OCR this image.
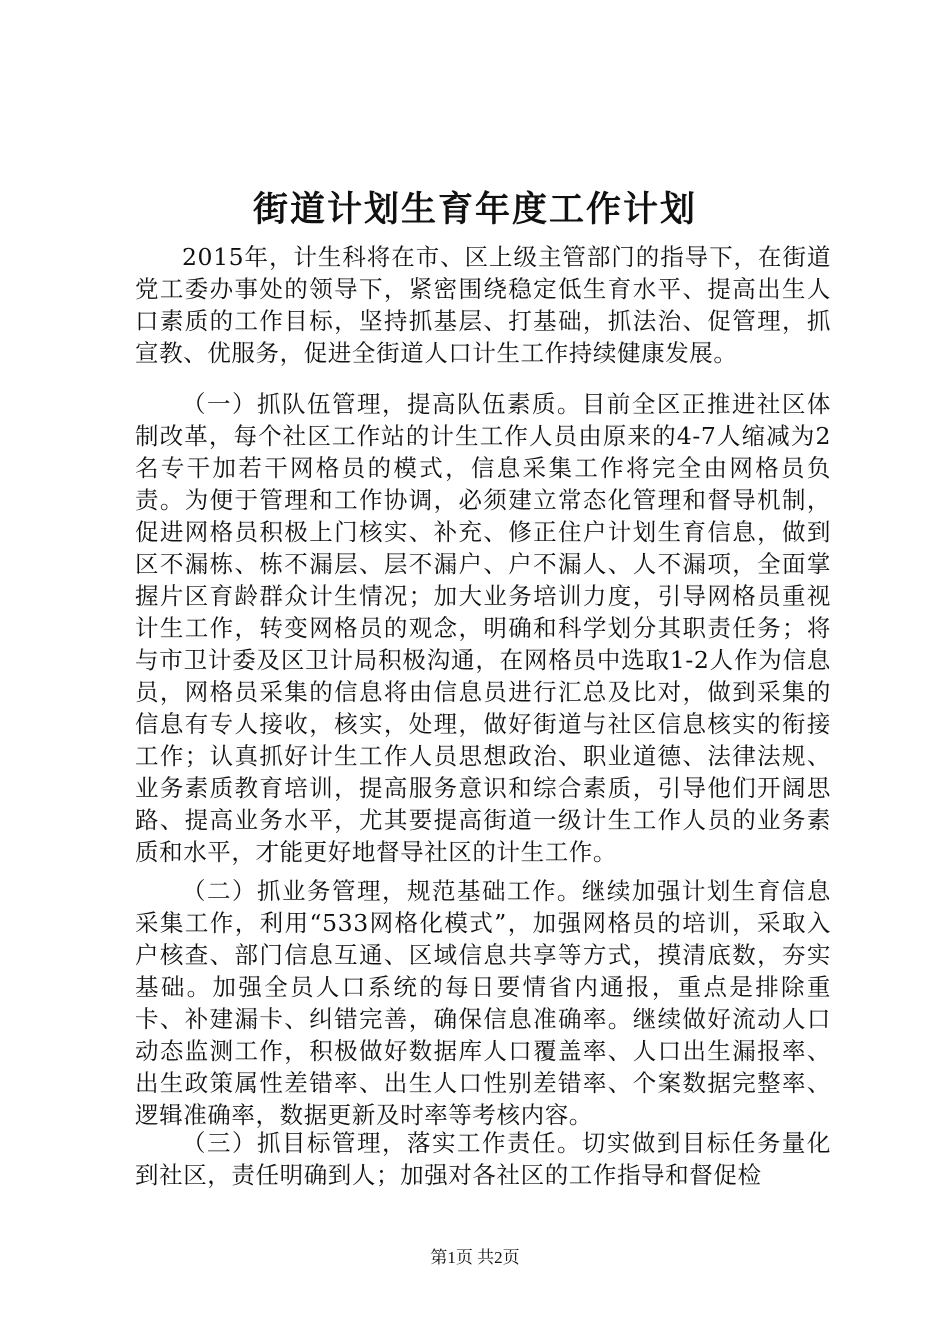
街道计划生育年度工作计划

2015年，计生科将在市、区上级主管部门的指导下，在街道党工委办事处的领导下，紧密围绕稳定低生育水平、提高出生人口素质的工作目标，坚持抓基层、打基础，抓法治、促管理，抓宣教、优服务，促进全街道人口计生工作持续健康发展。

（一）抓队伍管理，提高队伍素质。目前全区正推进社区体制改革，每个社区工作站的计生工作人员由原来的4-7人缩减为2名专干加若干网格员的模式，信息采集工作将完全由网格员负责。为便于管理和工作协调，必须建立常态化管理和督导机制，促进网格员积极上门核实、补充、修正住户计划生育信息，做到区不漏栋、栋不漏层、层不漏户、户不漏人、人不漏项，全面掌握片区育龄群众计生情况；加大业务培训力度，引导网格员重视计生工作，转变网格员的观念，明确和科学划分其职责任务；将与市卫计委及区卫计局积极沟通，在网格员中选取1-2人作为信息员，网格员采集的信息将由信息员进行汇总及比对，做到采集的信息有专人接收，核实，处理，做好街道与社区信息核实的衔接工作；认真抓好计生工作人员思想政治、职业道德、法律法规、业务素质教育培训，提高服务意识和综合素质，引导他们开阔思路、提高业务水平，尤其要提高街道一级计生工作人员的业务素质和水平，才能更好地督导社区的计生工作。

（二）抓业务管理，规范基础工作。继续加强计划生育信息采集工作，利用“533网格化模式”，加强网格员的培训，采取入户核查、部门信息互通、区域信息共享等方式，摸清底数，夯实基础。加强全员人口系统的每日要情省内通报，重点是排除重卡、补建漏卡、纠错完善，确保信息准确率。继续做好流动人口动态监测工作，积极做好数据库人口覆盖率、人口出生漏报率、出生政策属性差错率、出生人口性别差错率、个案数据完整率、逻辑准确率，数据更新及时率等考核内容。

（三）抓目标管理，落实工作责任。切实做到目标任务量化到社区，责任明确到人；加强对各社区的工作指导和督促检

第1页 共2页
